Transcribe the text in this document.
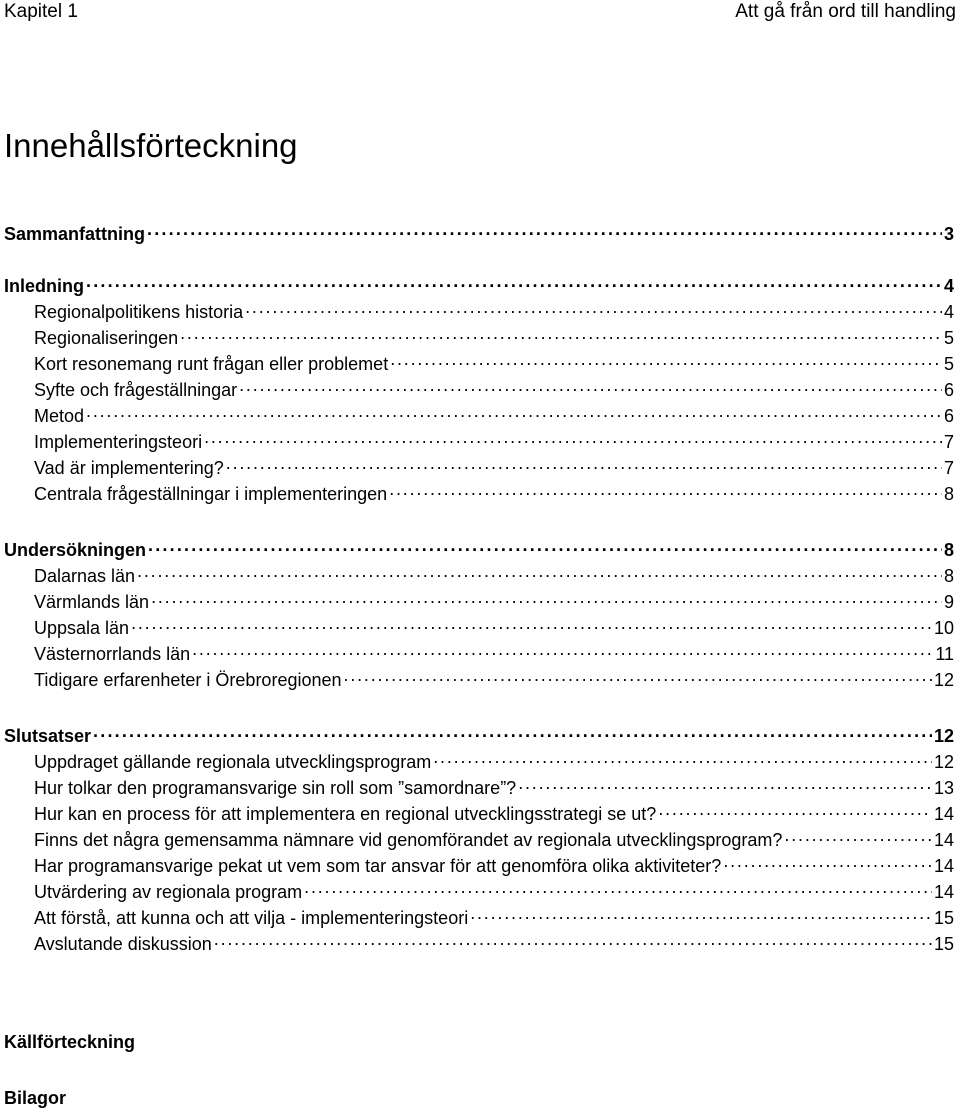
Kapitel 1	Att gå från ord till handling
Innehållsförteckning
Sammanfattning . . .	3
Inledning . . .	4
Regionalpolitikens historia . . .	4
Regionaliseringen . . .	5
Kort resonemang runt frågan eller problemet . . .	5
Syfte och frågeställningar . . .	6
Metod . . .	6
Implementeringsteori . . .	7
Vad är implementering? . . .	7
Centrala frågeställningar i implementeringen . . .	8
Undersökningen . . .	8
Dalarnas län . . .	8
Värmlands län . . .	9
Uppsala län . . .	10
Västernorrlands län . . .	11
Tidigare erfarenheter i Örebroregionen . . .	12
Slutsatser . . .	12
Uppdraget gällande regionala utvecklingsprogram . . .	12
Hur tolkar den programansvarige sin roll som ”samordnare”? . . .	13
Hur kan en process för att implementera en regional utvecklingsstrategi se ut? . . .	14
Finns det några gemensamma nämnare vid genomförandet av regionala utvecklingsprogram? . . .	14
Har programansvarige pekat ut vem som tar ansvar för att genomföra olika aktiviteter? . . .	14
Utvärdering av regionala program . . .	14
Att förstå, att kunna och att vilja - implementeringsteori . . .	15
Avslutande diskussion . . .	15
Källförteckning
Bilagor
